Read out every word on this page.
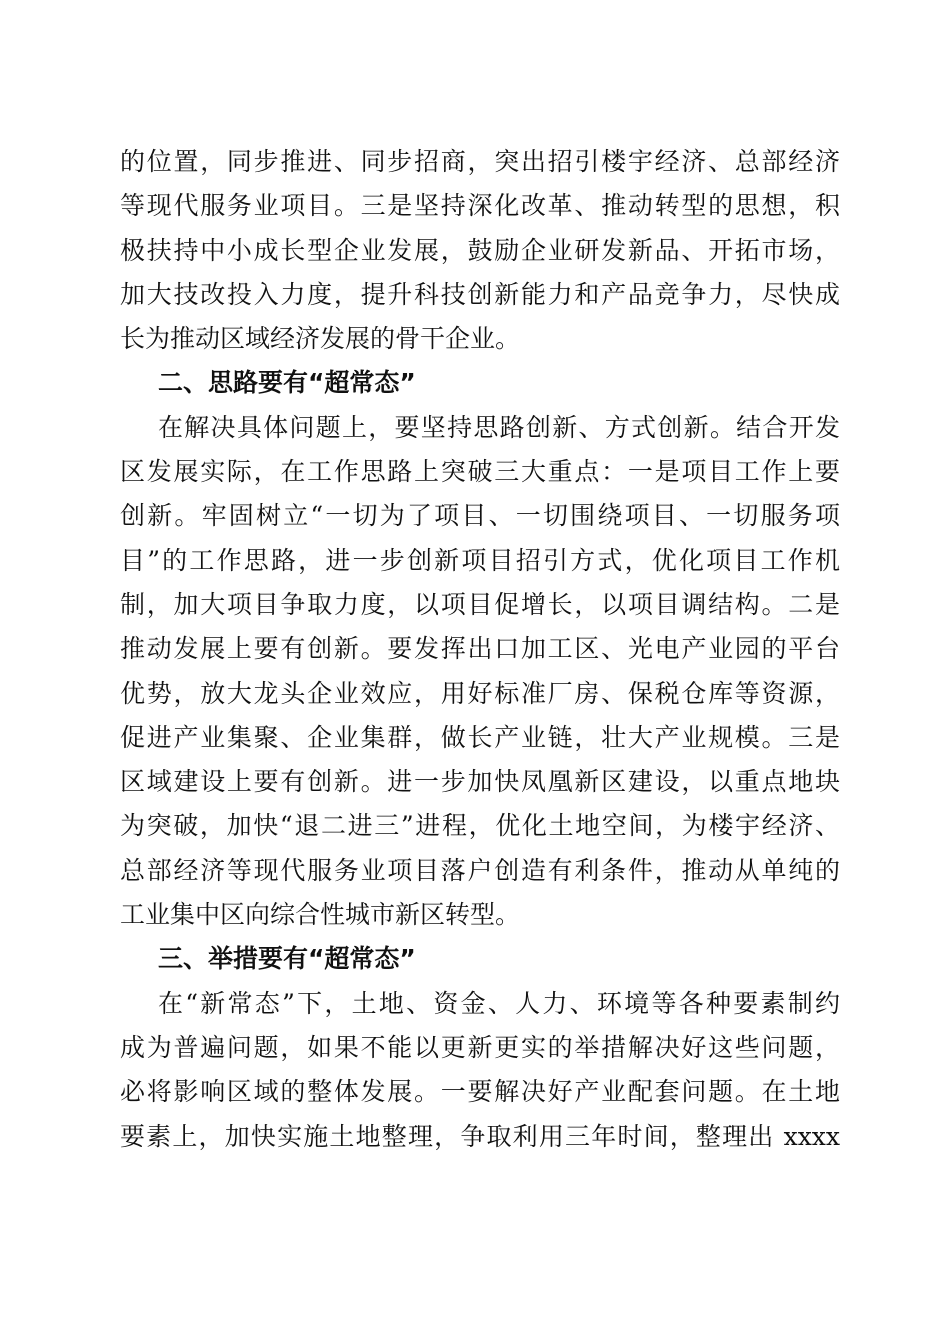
的位置，同步推进、同步招商，突出招引楼宇经济、总部经济
等现代服务业项目。三是坚持深化改革、推动转型的思想，积
极扶持中小成长型企业发展，鼓励企业研发新品、开拓市场，
加大技改投入力度，提升科技创新能力和产品竞争力，尽快成
长为推动区域经济发展的骨干企业。
二、思路要有“超常态”
在解决具体问题上，要坚持思路创新、方式创新。结合开发
区发展实际，在工作思路上突破三大重点：一是项目工作上要
创新。牢固树立“一切为了项目、一切围绕项目、一切服务项
目”的工作思路，进一步创新项目招引方式，优化项目工作机
制，加大项目争取力度，以项目促增长，以项目调结构。二是
推动发展上要有创新。要发挥出口加工区、光电产业园的平台
优势，放大龙头企业效应，用好标准厂房、保税仓库等资源，
促进产业集聚、企业集群，做长产业链，壮大产业规模。三是
区域建设上要有创新。进一步加快凤凰新区建设，以重点地块
为突破，加快“退二进三”进程，优化土地空间，为楼宇经济、
总部经济等现代服务业项目落户创造有利条件，推动从单纯的
工业集中区向综合性城市新区转型。
三、举措要有“超常态”
在“新常态”下，土地、资金、人力、环境等各种要素制约
成为普遍问题，如果不能以更新更实的举措解决好这些问题，
必将影响区域的整体发展。一要解决好产业配套问题。在土地
要素上，加快实施土地整理，争取利用三年时间，整理出 xxxx
